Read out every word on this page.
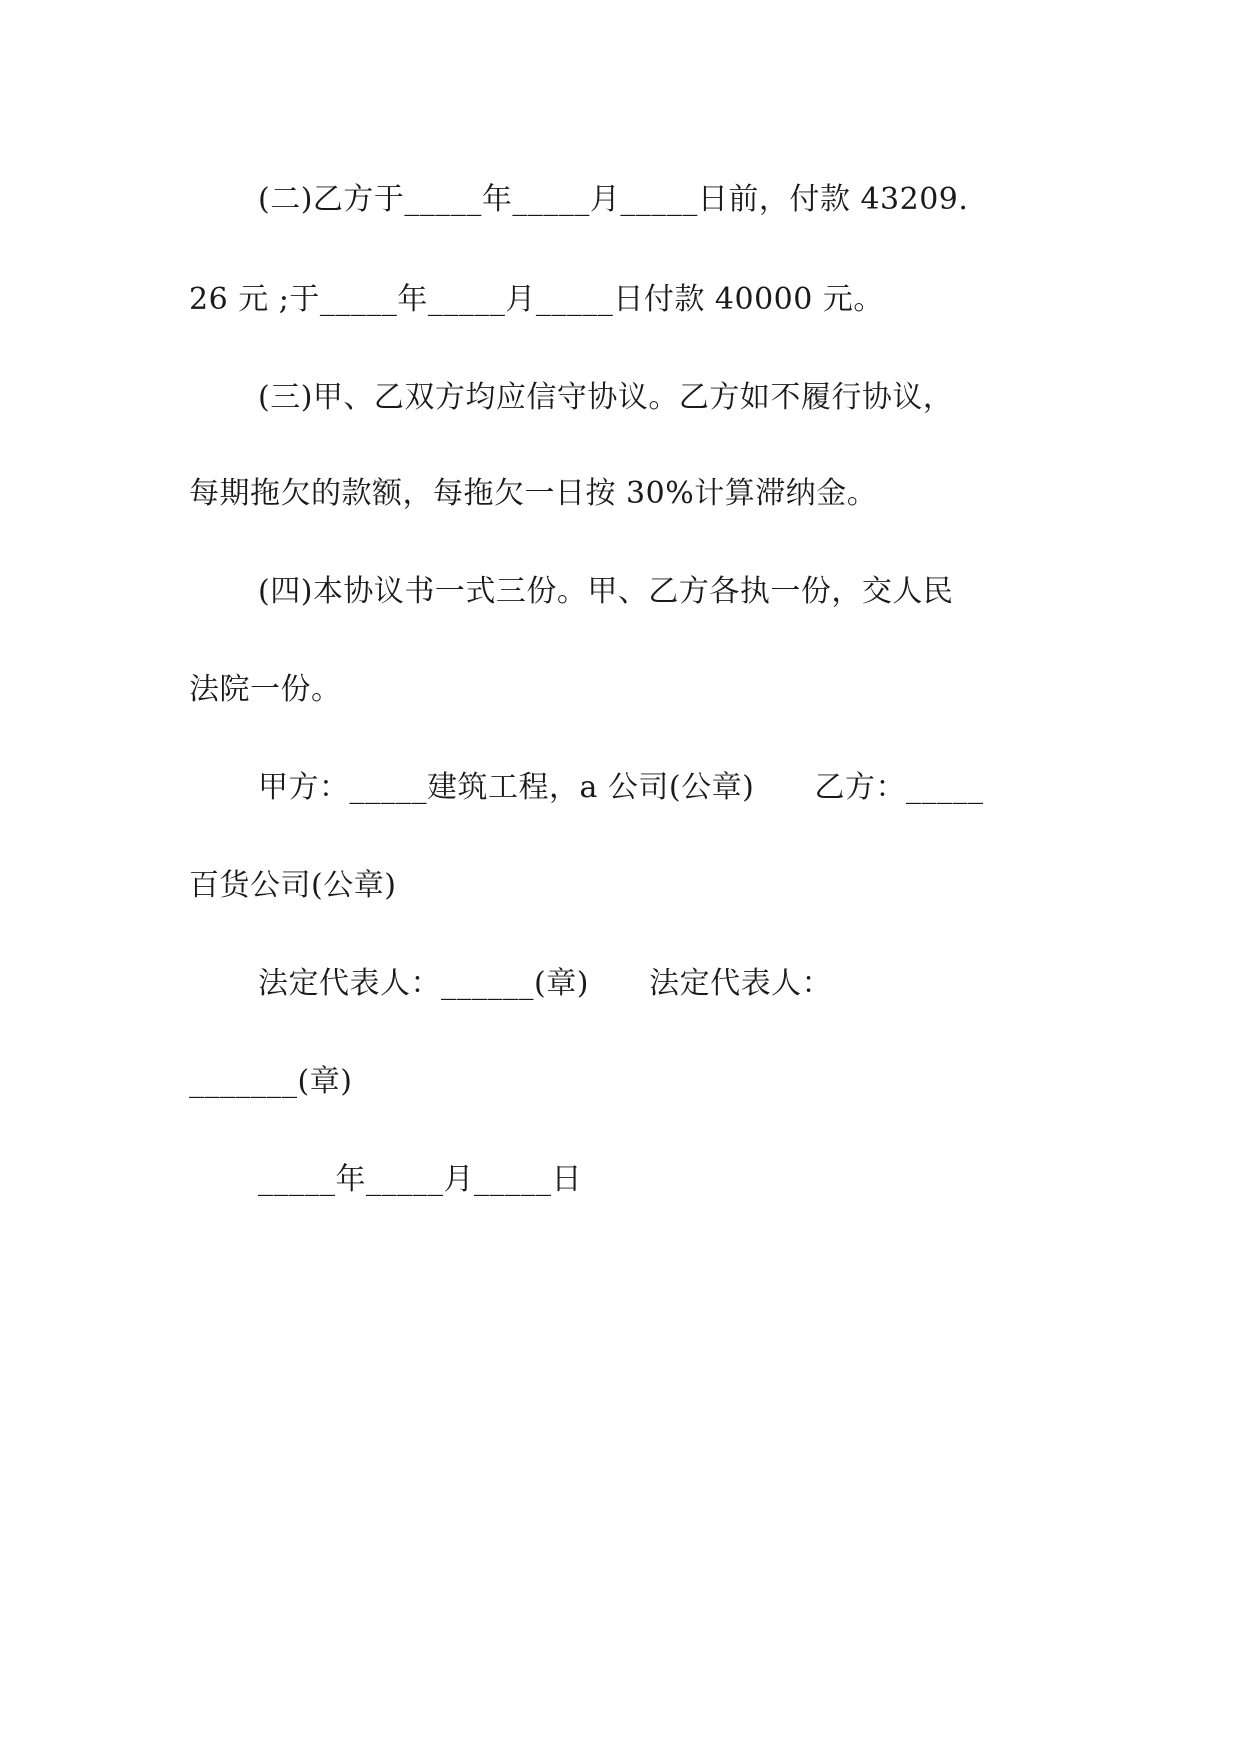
(二)乙方于_____年_____月_____日前，付款 43209.
26 元 ;于_____年_____月_____日付款 40000 元。
(三)甲、乙双方均应信守协议。乙方如不履行协议，
每期拖欠的款额，每拖欠一日按 30%计算滞纳金。
(四)本协议书一式三份。甲、乙方各执一份，交人民
法院一份。
甲方：_____建筑工程，a 公司(公章)      乙方：_____
百货公司(公章)
法定代表人：______(章)      法定代表人：
_______(章)
_____年_____月_____日
